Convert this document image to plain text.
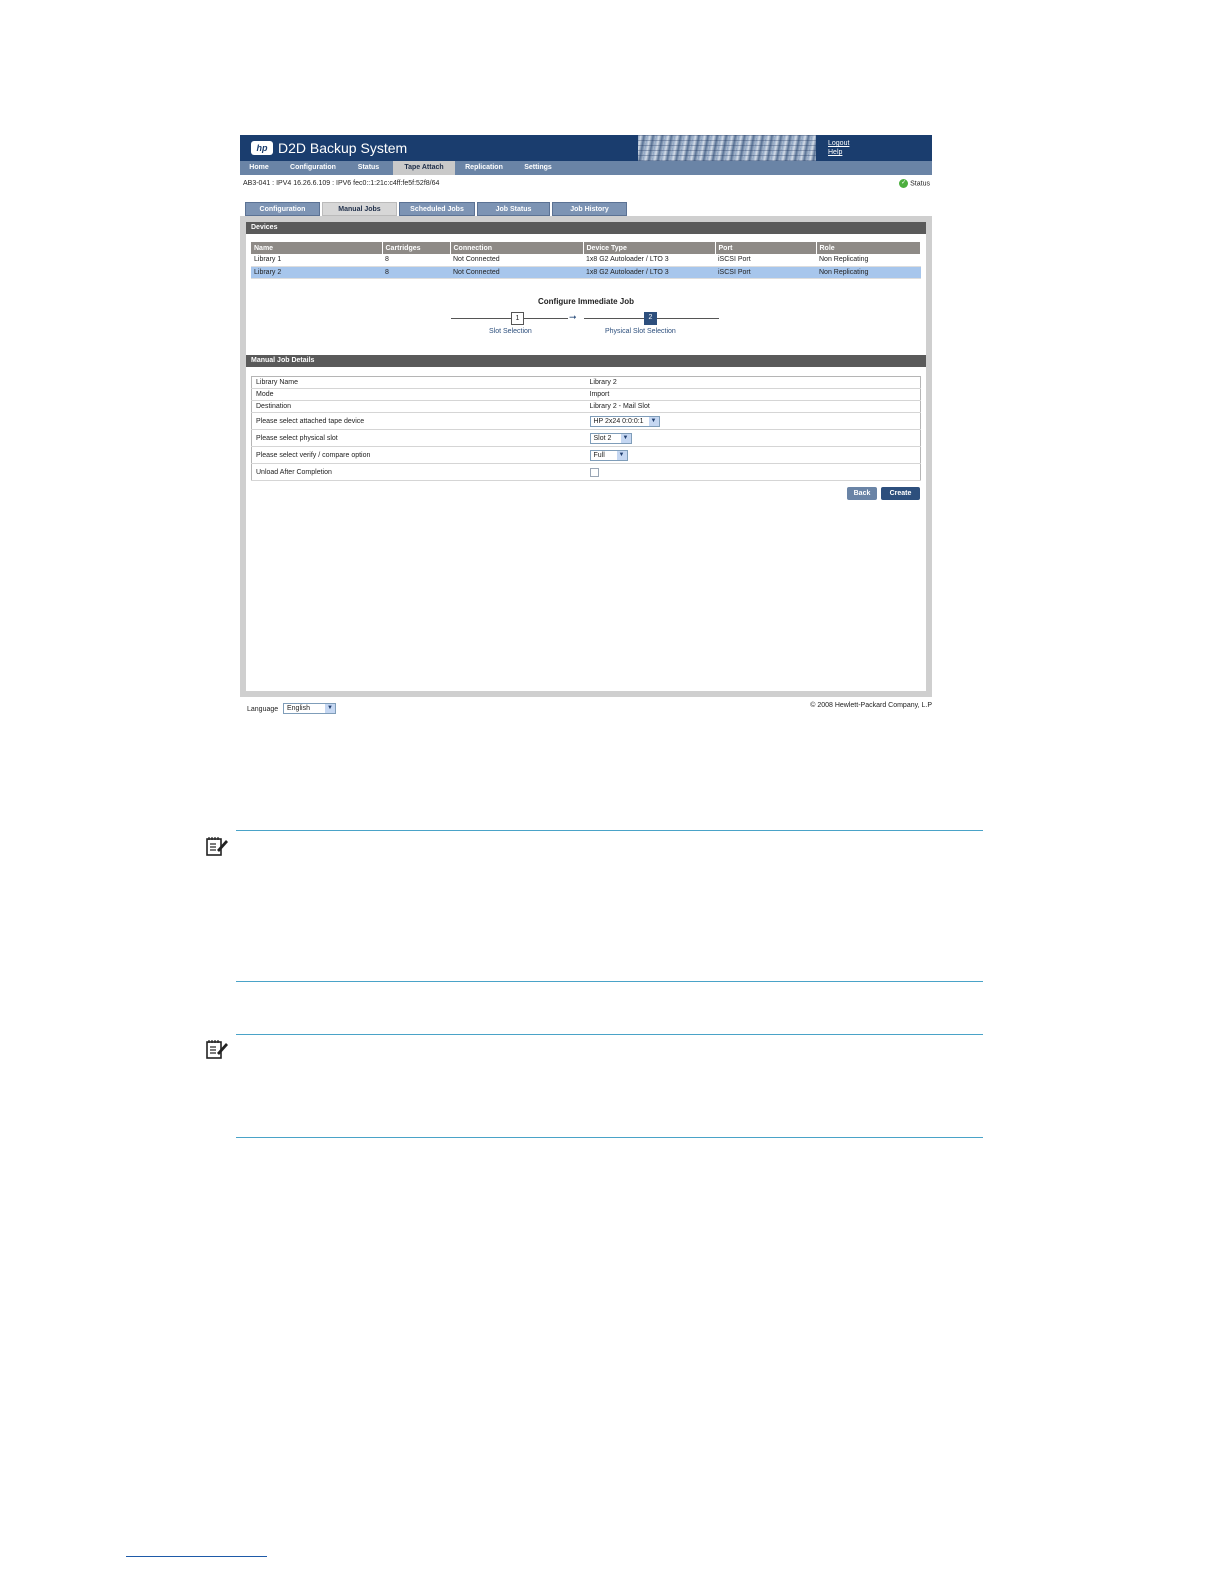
hp D2D Backup System	Logout
Help
Home	Configuration	Status	Tape Attach	Replication	Settings
AB3-041 : IPV4 16.26.6.109 : IPV6 fec0::1:21c:c4ff:fe5f:52f8/64	✓ Status
Configuration	Manual Jobs	Scheduled Jobs	Job Status	Job History
Devices
Name	Cartridges	Connection	Device Type	Port	Role
Library 1	8	Not Connected	1x8 G2 Autoloader / LTO 3	iSCSI Port	Non Replicating
Library 2	8	Not Connected	1x8 G2 Autoloader / LTO 3	iSCSI Port	Non Replicating
Configure Immediate Job
1	➞	2
Slot Selection	Physical Slot Selection
Manual Job Details
Library Name	Library 2
Mode	Import
Destination	Library 2 - Mail Slot
Please select attached tape device	HP 2x24 0:0:0:1 ▼

Please select physical slot	Slot 2 ▼

Please select verify / compare option	Full ▼

Unload After Completion	
Back	Create
Language	English	▼	© 2008 Hewlett-Packard Company, L.P
